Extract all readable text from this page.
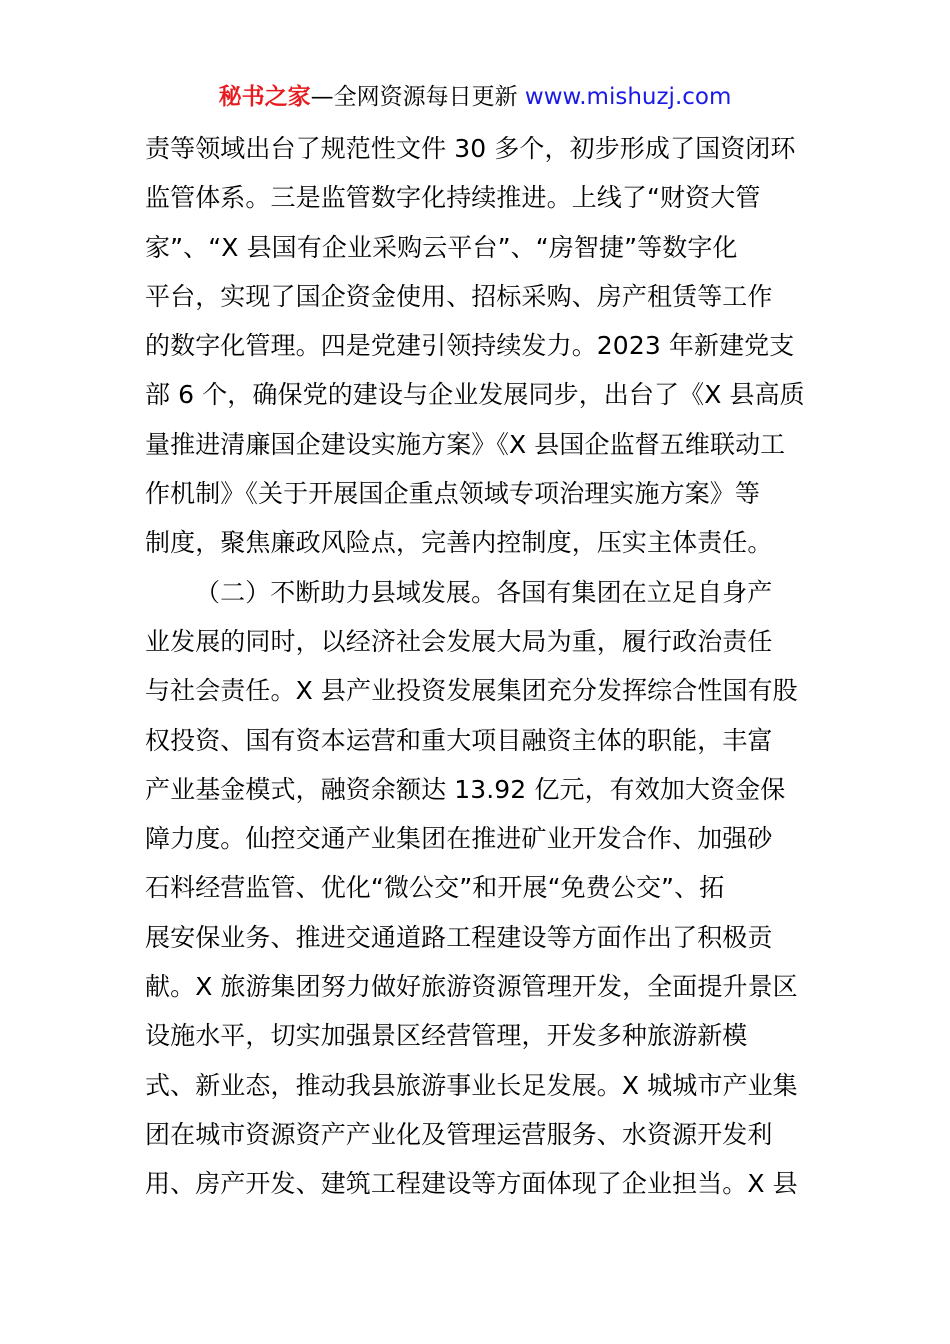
秘书之家—全网资源每日更新 www.mishuzj.com
责等领域出台了规范性文件 30 多个，初步形成了国资闭环
监管体系。三是监管数字化持续推进。上线了“财资大管
家”、“X 县国有企业采购云平台”、“房智捷”等数字化
平台，实现了国企资金使用、招标采购、房产租赁等工作
的数字化管理。四是党建引领持续发力。2023 年新建党支
部 6 个，确保党的建设与企业发展同步，出台了《X 县高质
量推进清廉国企建设实施方案》《X 县国企监督五维联动工
作机制》《关于开展国企重点领域专项治理实施方案》等
制度，聚焦廉政风险点，完善内控制度，压实主体责任。
（二）不断助力县域发展。各国有集团在立足自身产
业发展的同时，以经济社会发展大局为重，履行政治责任
与社会责任。X 县产业投资发展集团充分发挥综合性国有股
权投资、国有资本运营和重大项目融资主体的职能，丰富
产业基金模式，融资余额达 13.92 亿元，有效加大资金保
障力度。仙控交通产业集团在推进矿业开发合作、加强砂
石料经营监管、优化“微公交”和开展“免费公交”、拓
展安保业务、推进交通道路工程建设等方面作出了积极贡
献。X 旅游集团努力做好旅游资源管理开发，全面提升景区
设施水平，切实加强景区经营管理，开发多种旅游新模
式、新业态，推动我县旅游事业长足发展。X 城城市产业集
团在城市资源资产产业化及管理运营服务、水资源开发利
用、房产开发、建筑工程建设等方面体现了企业担当。X 县
